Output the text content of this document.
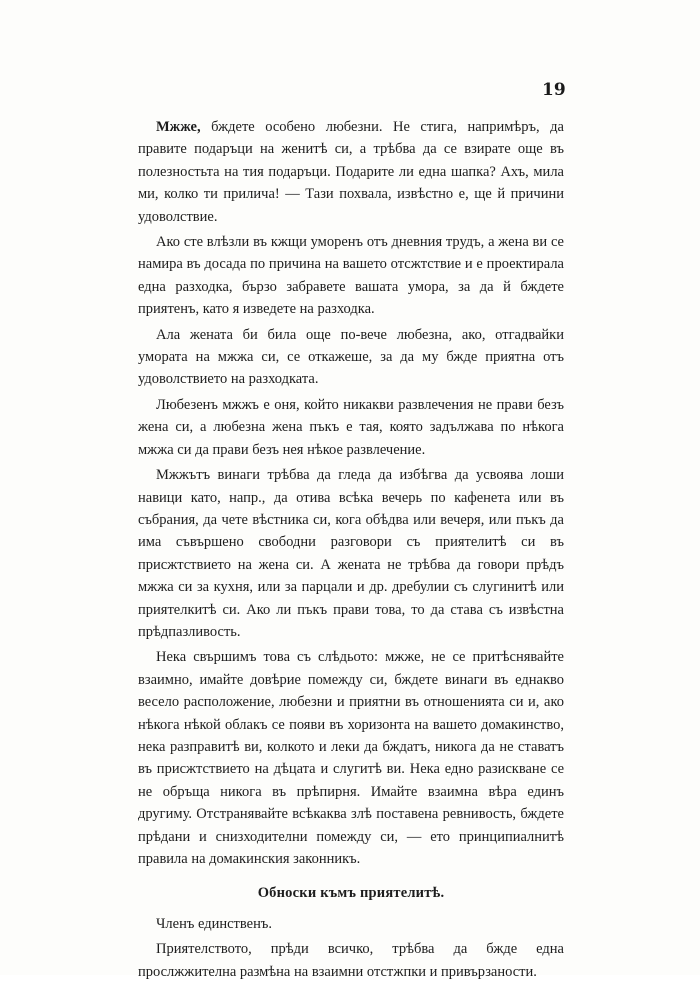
19

Мжже, бждете особено любезни. Не стига, напримѣръ, да правите подаръци на женитѣ си, а трѣбва да се взирате още въ полезностьта на тия подаръци. Подарите ли една шапка? Ахъ, мила ми, колко ти прилича! — Тази похвала, извѣстно е, ще й причини удоволствие.

Ако сте влѣзли въ кжщи уморенъ отъ дневния трудъ, а жена ви се намира въ досада по причина на вашето отсжтствие и е проектирала една разходка, бързо забравете вашата умора, за да й бждете приятенъ, като я изведете на разходка.

Ала жената би била още по-вече любезна, ако, отгадвайки умората на мжжа си, се откажеше, за да му бжде приятна отъ удоволствието на разходката.

Любезенъ мжжъ е оня, който никакви развлечения не прави безъ жена си, а любезна жена пъкъ е тая, която задължава по нѣкога мжжа си да прави безъ нея нѣкое развлечение.

Мжжътъ винаги трѣбва да гледа да избѣгва да усвоява лоши навици като, напр., да отива всѣка вечерь по кафенета или въ събрания, да чете вѣстника си, кога обѣдва или вечеря, или пъкъ да има съвършено свободни разговори съ приятелитѣ си въ присжтствието на жена си. А женатa не трѣбва да говори прѣдъ мжжа си за кухня, или за парцали и др. дребулии съ слугинитѣ или приятелкитѣ си. Ако ли пъкъ прави това, то да става съ извѣстна прѣдпазливость.

Нека свършимъ това съ слѣдьото: мжже, не се притѣснявайте взаимно, имайте довѣрие помежду си, бждете винаги въ еднакво весело расположение, любезни и приятни въ отношенията си и, ако нѣкога нѣкой облакъ се появи въ хоризонта на вашето домакинство, нека разправитѣ ви, колкото и леки да бждатъ, никога да не ставатъ въ присжтствието на дѣцата и слугитѣ ви. Нека едно разискване се не обръща никога въ прѣпирня. Имайте взаимна вѣра единъ другиму. Отстранявайте всѣкаква злѣ поставена ревнивость, бждете прѣдани и снизходителни помежду си, — ето принципиалнитѣ правила на домакинския законникъ.

Обноски къмъ приятелитѣ.

Членъ единственъ.

Приятелството, прѣди всичко, трѣбва да бжде една прослжжителна размѣна на взаимни отстжпки и привързаности.
